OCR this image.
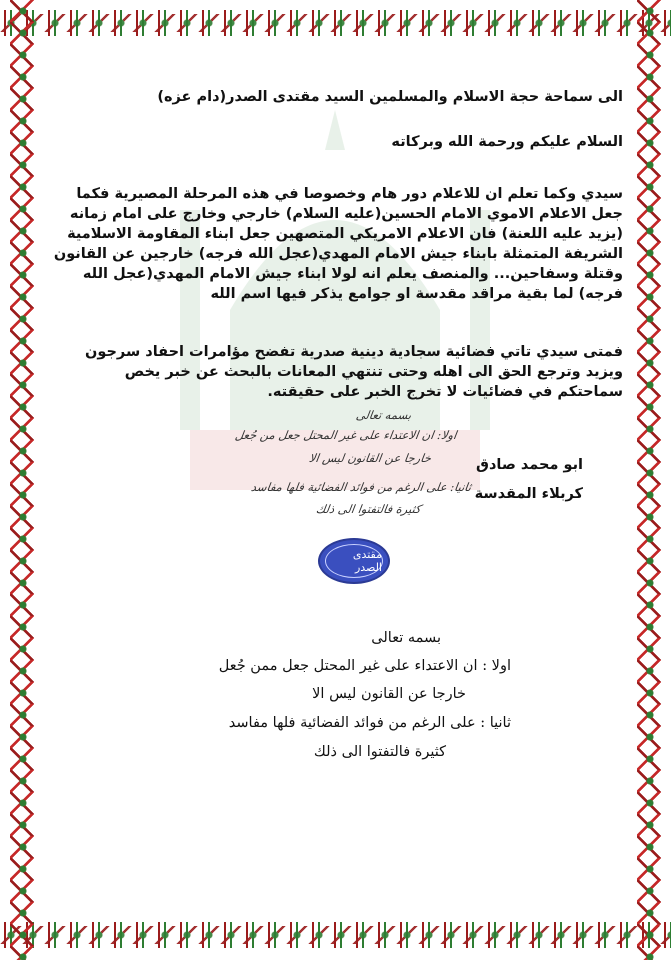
الى سماحة حجة الاسلام والمسلمين السيد مقتدى الصدر(دام عزه)
السلام عليكم ورحمة الله وبركاته
سيدي وكما تعلم ان للاعلام دور هام وخصوصا في هذه المرحلة المصيرية فكما
جعل الاعلام الاموي الامام الحسين(عليه السلام) خارجي وخارج على امام زمانه
(يزيد عليه اللعنة) فان الاعلام الامريكي المتصهين جعل ابناء المقاومة الاسلامية
الشريفة المتمثلة بابناء جيش الامام المهدي(عجل الله فرجه) خارجين عن القانون
وقتلة وسفاحين... والمنصف يعلم انه لولا ابناء جيش الامام المهدي(عجل الله
فرجه) لما بقية مراقد مقدسة او جوامع يذكر فيها اسم الله
فمتى سيدي تاتي فضائية سجادية دينية صدرية تفضح مؤامرات احفاد سرجون
ويزيد وترجع الحق الى اهله وحتى تنتهي المعانات بالبحث عن خبر يخص
سماحتكم في فضائيات لا تخرج الخبر على حقيقته.
بسمه تعالى
اولا: ان الاعتداء على غير المحتل جعل من جُعل
خارجا عن القانون ليس الا
ثانيا: على الرغم من فوائد الفضائية فلها مفاسد
كثيرة فالتفتوا الى ذلك
ابو محمد صادق
كربلاء المقدسة
مقتدى الصدر
بسمه تعالى
اولا : ان الاعتداء على غير المحتل جعل ممن جُعل
خارجا عن القانون ليس الا
ثانيا : على الرغم من فوائد الفضائية فلها مفاسد
كثيرة فالتفتوا الى ذلك
